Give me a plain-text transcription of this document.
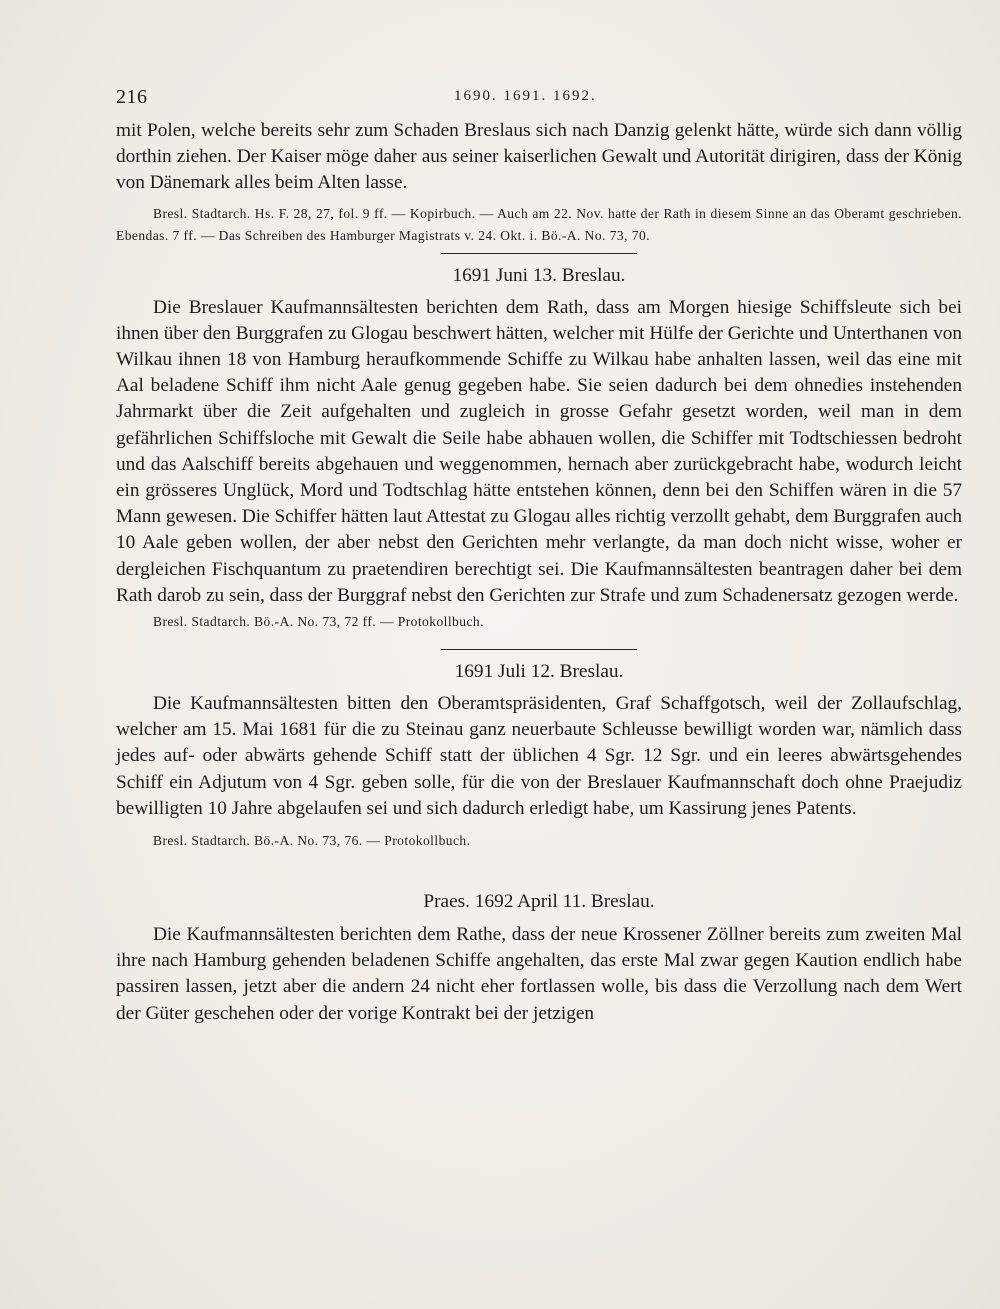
216	1690. 1691. 1692.

mit Polen, welche bereits sehr zum Schaden Breslaus sich nach Danzig gelenkt hätte, würde sich dann völlig dorthin ziehen. Der Kaiser möge daher aus seiner kaiserlichen Gewalt und Autorität dirigiren, dass der König von Dänemark alles beim Alten lasse.

Bresl. Stadtarch. Hs. F. 28, 27, fol. 9 ff. — Kopirbuch. — Auch am 22. Nov. hatte der Rath in diesem Sinne an das Oberamt geschrieben. Ebendas. 7 ff. — Das Schreiben des Hamburger Magistrats v. 24. Okt. i. Bö.-A. No. 73, 70.

1691 Juni 13. Breslau.

Die Breslauer Kaufmannsältesten berichten dem Rath, dass am Morgen hiesige Schiffsleute sich bei ihnen über den Burggrafen zu Glogau beschwert hätten, welcher mit Hülfe der Gerichte und Unterthanen von Wilkau ihnen 18 von Hamburg heraufkommende Schiffe zu Wilkau habe anhalten lassen, weil das eine mit Aal beladene Schiff ihm nicht Aale genug gegeben habe. Sie seien dadurch bei dem ohnedies instehenden Jahrmarkt über die Zeit aufgehalten und zugleich in grosse Gefahr gesetzt worden, weil man in dem gefährlichen Schiffsloche mit Gewalt die Seile habe abhauen wollen, die Schiffer mit Todtschiessen bedroht und das Aalschiff bereits abgehauen und weggenommen, hernach aber zurückgebracht habe, wodurch leicht ein grösseres Unglück, Mord und Todtschlag hätte entstehen können, denn bei den Schiffen wären in die 57 Mann gewesen. Die Schiffer hätten laut Attestat zu Glogau alles richtig verzollt gehabt, dem Burggrafen auch 10 Aale geben wollen, der aber nebst den Gerichten mehr verlangte, da man doch nicht wisse, woher er dergleichen Fischquantum zu praetendiren berechtigt sei. Die Kaufmannsältesten beantragen daher bei dem Rath darob zu sein, dass der Burggraf nebst den Gerichten zur Strafe und zum Schadenersatz gezogen werde.

Bresl. Stadtarch. Bö.-A. No. 73, 72 ff. — Protokollbuch.

1691 Juli 12. Breslau.

Die Kaufmannsältesten bitten den Oberamtspräsidenten, Graf Schaffgotsch, weil der Zollaufschlag, welcher am 15. Mai 1681 für die zu Steinau ganz neuerbaute Schleusse bewilligt worden war, nämlich dass jedes auf- oder abwärts gehende Schiff statt der üblichen 4 Sgr. 12 Sgr. und ein leeres abwärtsgehendes Schiff ein Adjutum von 4 Sgr. geben solle, für die von der Breslauer Kaufmannschaft doch ohne Praejudiz bewilligten 10 Jahre abgelaufen sei und sich dadurch erledigt habe, um Kassirung jenes Patents.

Bresl. Stadtarch. Bö.-A. No. 73, 76. — Protokollbuch.

Praes. 1692 April 11. Breslau.

Die Kaufmannsältesten berichten dem Rathe, dass der neue Krossener Zöllner bereits zum zweiten Mal ihre nach Hamburg gehenden beladenen Schiffe angehalten, das erste Mal zwar gegen Kaution endlich habe passiren lassen, jetzt aber die andern 24 nicht eher fortlassen wolle, bis dass die Verzollung nach dem Wert der Güter geschehen oder der vorige Kontrakt bei der jetzigen
